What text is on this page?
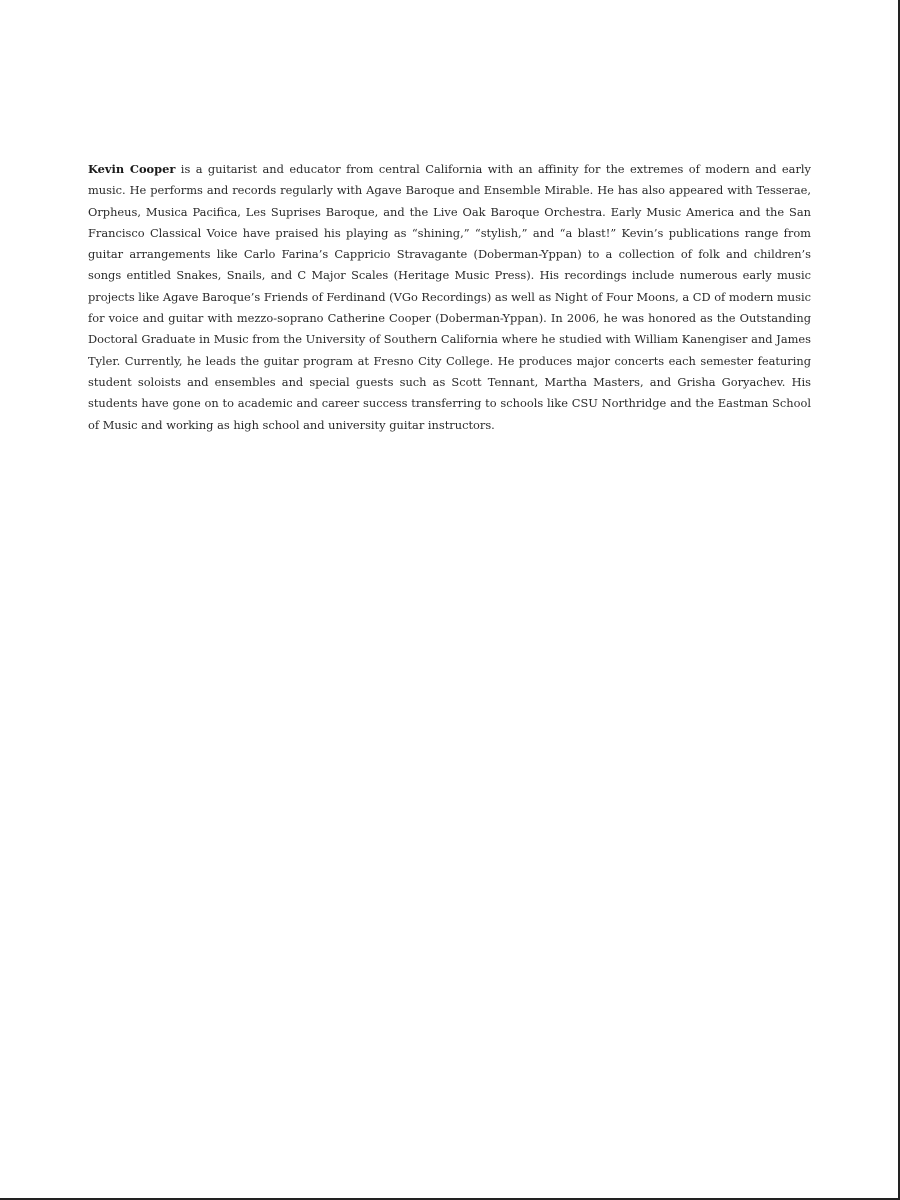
Kevin Cooper is a guitarist and educator from central California with an affinity for the extremes of modern and early music. He performs and records regularly with Agave Baroque and Ensemble Mirable. He has also appeared with Tesserae, Orpheus, Musica Pacifica, Les Suprises Baroque, and the Live Oak Baroque Orchestra. Early Music America and the San Francisco Classical Voice have praised his playing as “shining,” “stylish,” and “a blast!” Kevin’s publications range from guitar arrangements like Carlo Farina’s Cappricio Stravagante (Doberman-Yppan) to a collection of folk and children’s songs entitled Snakes, Snails, and C Major Scales (Heritage Music Press). His recordings include numerous early music projects like Agave Baroque’s Friends of Ferdinand (VGo Recordings) as well as Night of Four Moons, a CD of modern music for voice and guitar with mezzo-soprano Catherine Cooper (Doberman-Yppan). In 2006, he was honored as the Outstanding Doctoral Graduate in Music from the University of Southern California where he studied with William Kanengiser and James Tyler. Currently, he leads the guitar program at Fresno City College. He produces major concerts each semester featuring student soloists and ensembles and special guests such as Scott Tennant, Martha Masters, and Grisha Goryachev. His students have gone on to academic and career success transferring to schools like CSU Northridge and the Eastman School of Music and working as high school and university guitar instructors.
